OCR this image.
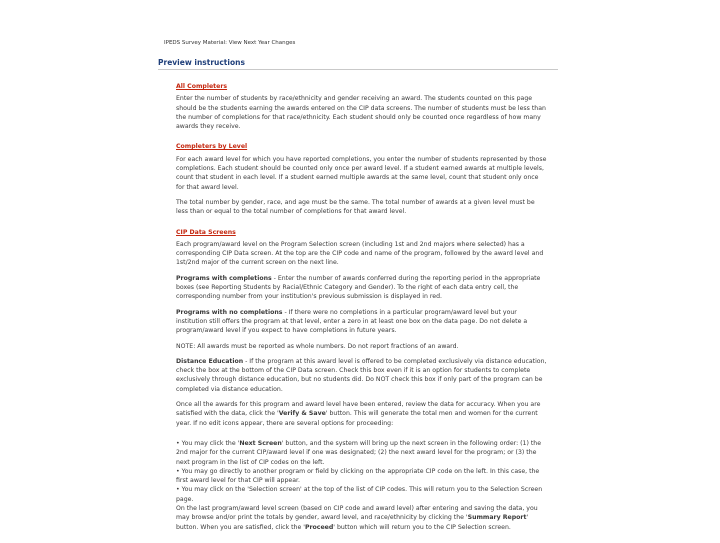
IPEDS Survey Material: View Next Year Changes
Preview instructions
All Completers
Enter the number of students by race/ethnicity and gender receiving an award. The students counted on this page should be the students earning the awards entered on the CIP data screens. The number of students must be less than the number of completions for that race/ethnicity. Each student should only be counted once regardless of how many awards they receive.
Completers by Level
For each award level for which you have reported completions, you enter the number of students represented by those completions. Each student should be counted only once per award level. If a student earned awards at multiple levels, count that student in each level. If a student earned multiple awards at the same level, count that student only once for that award level.
The total number by gender, race, and age must be the same. The total number of awards at a given level must be less than or equal to the total number of completions for that award level.
CIP Data Screens
Each program/award level on the Program Selection screen (including 1st and 2nd majors where selected) has a corresponding CIP Data screen. At the top are the CIP code and name of the program, followed by the award level and 1st/2nd major of the current screen on the next line.
Programs with completions - Enter the number of awards conferred during the reporting period in the appropriate boxes (see Reporting Students by Racial/Ethnic Category and Gender). To the right of each data entry cell, the corresponding number from your institution's previous submission is displayed in red.
Programs with no completions - If there were no completions in a particular program/award level but your institution still offers the program at that level, enter a zero in at least one box on the data page. Do not delete a program/award level if you expect to have completions in future years.
NOTE: All awards must be reported as whole numbers. Do not report fractions of an award.
Distance Education - If the program at this award level is offered to be completed exclusively via distance education, check the box at the bottom of the CIP Data screen. Check this box even if it is an option for students to complete exclusively through distance education, but no students did. Do NOT check this box if only part of the program can be completed via distance education.
Once all the awards for this program and award level have been entered, review the data for accuracy. When you are satisfied with the data, click the 'Verify & Save' button. This will generate the total men and women for the current year. If no edit icons appear, there are several options for proceeding:
• You may click the 'Next Screen' button, and the system will bring up the next screen in the following order: (1) the 2nd major for the current CIP/award level if one was designated; (2) the next award level for the program; or (3) the next program in the list of CIP codes on the left.
• You may go directly to another program or field by clicking on the appropriate CIP code on the left. In this case, the first award level for that CIP will appear.
• You may click on the 'Selection screen' at the top of the list of CIP codes. This will return you to the Selection Screen page.
On the last program/award level screen (based on CIP code and award level) after entering and saving the data, you may browse and/or print the totals by gender, award level, and race/ethnicity by clicking the 'Summary Report' button. When you are satisfied, click the 'Proceed' button which will return you to the CIP Selection screen.
